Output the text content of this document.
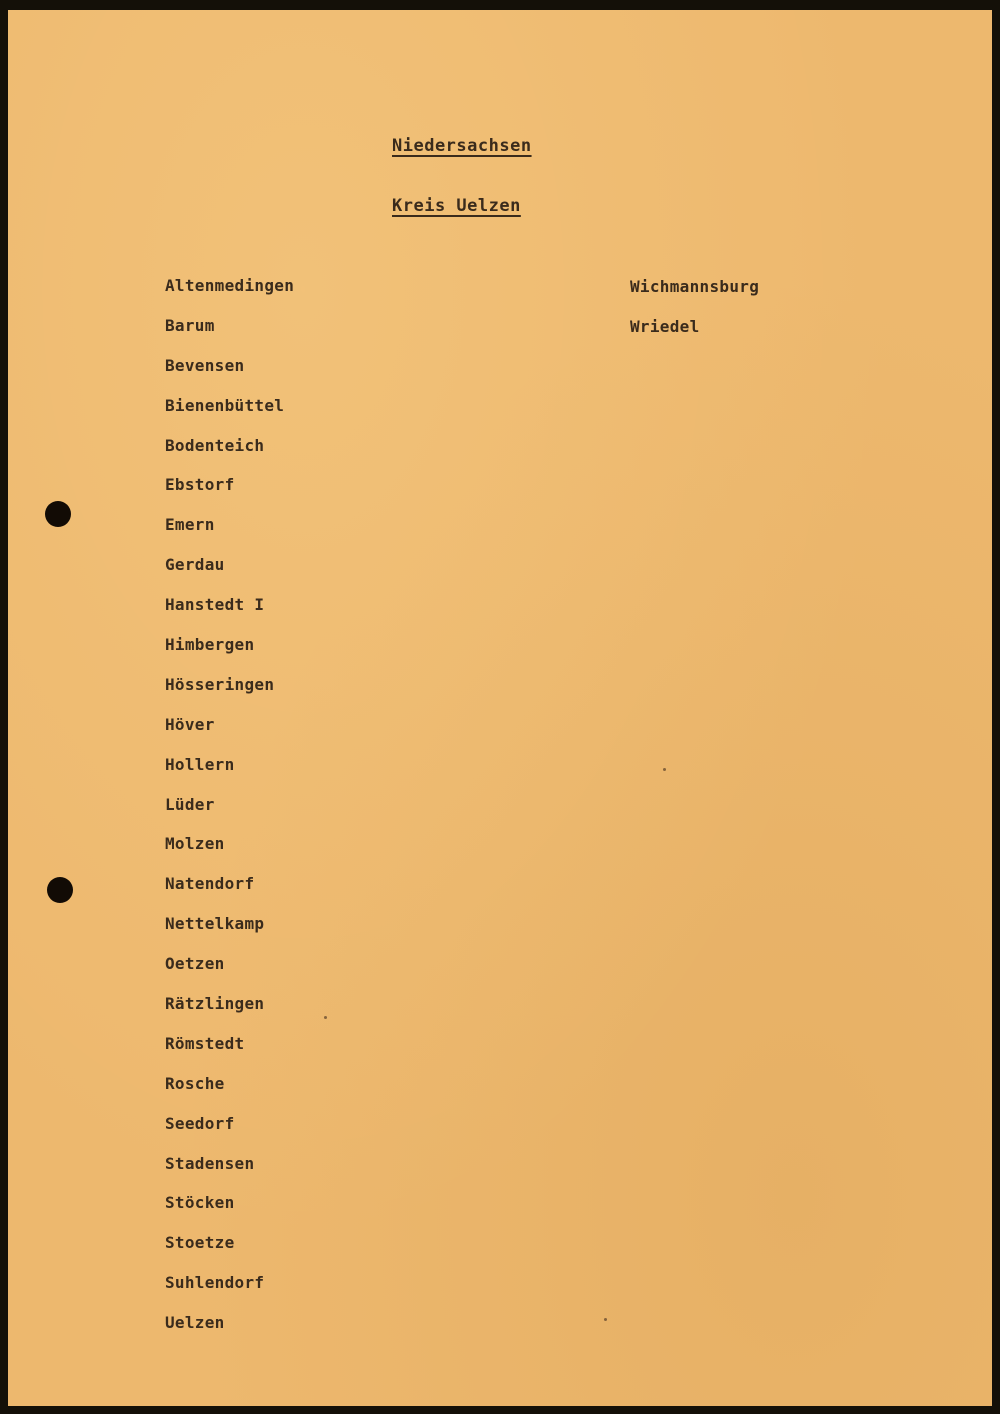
Niedersachsen
Kreis Uelzen
Altenmedingen
Barum
Bevensen
Bienenbüttel
Bodenteich
Ebstorf
Emern
Gerdau
Hanstedt I
Himbergen
Hösseringen
Höver
Hollern
Lüder
Molzen
Natendorf
Nettelkamp
Oetzen
Rätzlingen
Römstedt
Rosche
Seedorf
Stadensen
Stöcken
Stoetze
Suhlendorf
Uelzen
Wichmannsburg
Wriedel
